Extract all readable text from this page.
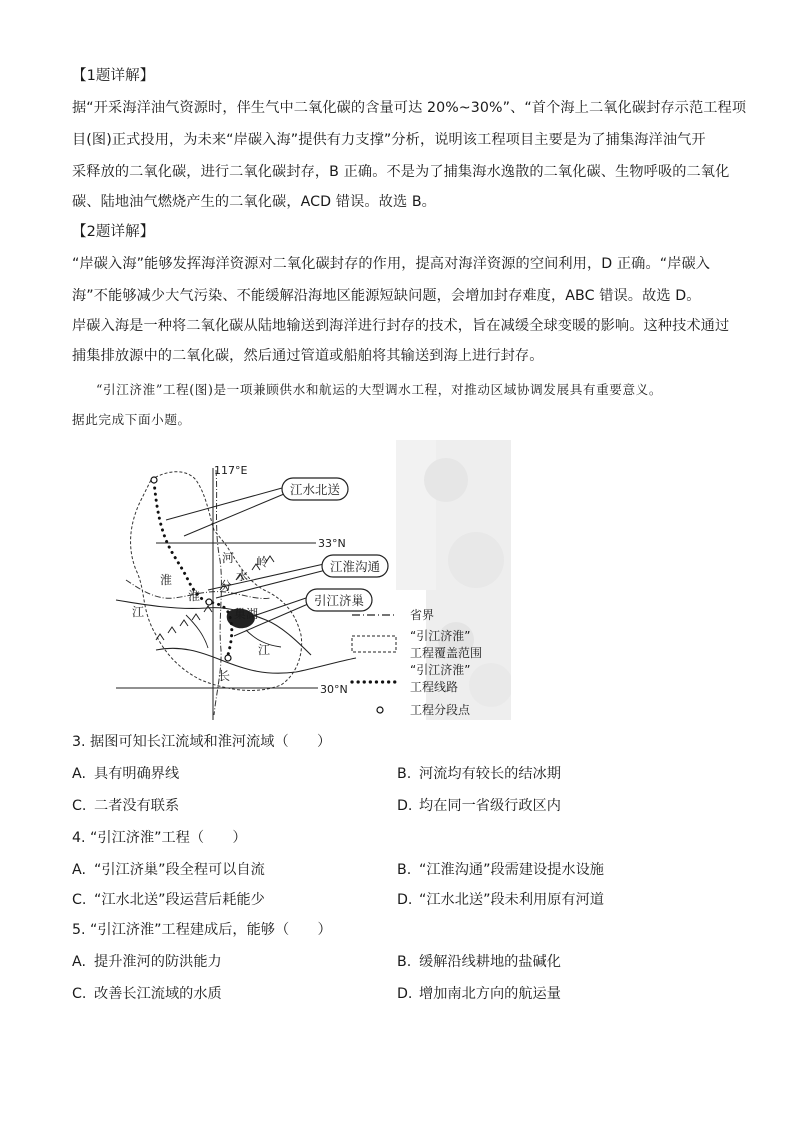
【1题详解】
据“开采海洋油气资源时，伴生气中二氧化碳的含量可达 20%~30%”、“首个海上二氧化碳封存示范工程项
目(图)正式投用，为未来“岸碳入海”提供有力支撑”分析，说明该工程项目主要是为了捕集海洋油气开
采释放的二氧化碳，进行二氧化碳封存，B 正确。不是为了捕集海水逸散的二氧化碳、生物呼吸的二氧化
碳、陆地油气燃烧产生的二氧化碳，ACD 错误。故选 B。
【2题详解】
“岸碳入海”能够发挥海洋资源对二氧化碳封存的作用，提高对海洋资源的空间利用，D 正确。“岸碳入
海”不能够减少大气污染、不能缓解沿海地区能源短缺问题，会增加封存难度，ABC 错误。故选 D。
岸碳入海是一种将二氧化碳从陆地输送到海洋进行封存的技术，旨在减缓全球变暖的影响。这种技术通过
捕集排放源中的二氧化碳，然后通过管道或船舶将其输送到海上进行封存。
“引江济淮”工程(图)是一项兼顾供水和航运的大型调水工程，对推动区域协调发展具有重要意义。
据此完成下面小题。
117°E
33°N
30°N
江水北送
江淮沟通
引江济巢
河
淮
淮
江
分
水
岭
巢湖
江
长
省界
“引江济淮”
工程覆盖范围
“引江济淮”
工程线路
工程分段点
3. 据图可知长江流域和淮河流域（　　）
A. 具有明确界线	B. 河流均有较长的结冰期
C. 二者没有联系	D. 均在同一省级行政区内
4. “引江济淮”工程（　　）
A. “引江济巢”段全程可以自流	B. “江淮沟通”段需建设提水设施
C. “江水北送”段运营后耗能少	D. “江水北送”段未利用原有河道
5. “引江济淮”工程建成后，能够（　　）
A. 提升淮河的防洪能力	B. 缓解沿线耕地的盐碱化
C. 改善长江流域的水质	D. 增加南北方向的航运量
